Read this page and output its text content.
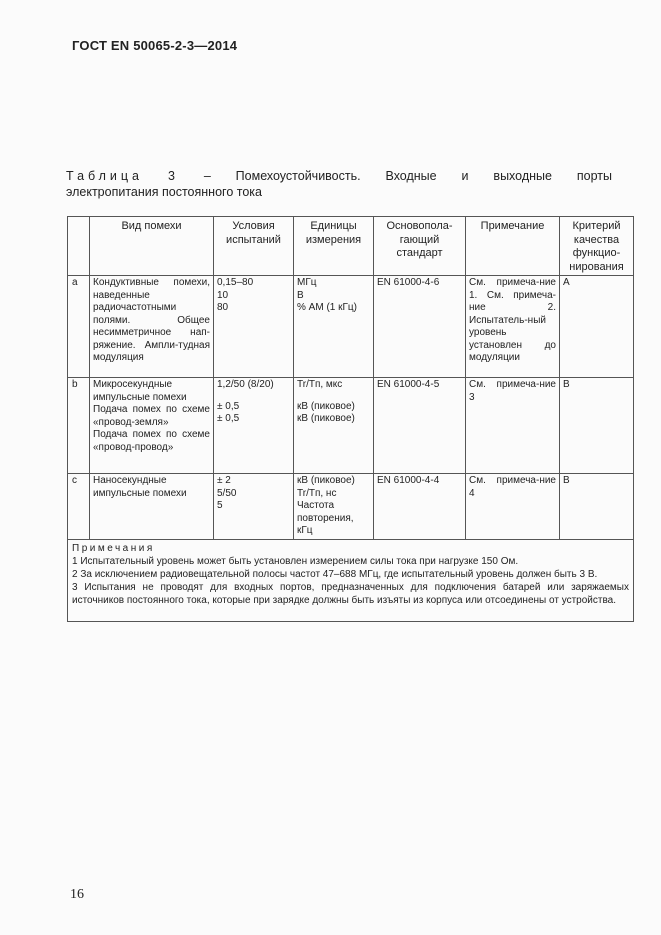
ГОСТ EN 50065-2-3—2014
Таблица 3 – Помехоустойчивость. Входные и выходные порты
электропитания постоянного тока
	Вид помехи	Условия испытаний	Единицы измерения	Основопола-гающий стандарт	Примечание	Критерий качества функцио-нирования
a	Кондуктивные помехи, наведенные радиочастотными полями. Общее несимметричное нап-ряжение. Ампли-тудная модуляция	0,15–80
10
80	МГц
В
% АМ (1 кГц)	EN 61000-4-6	См. примеча-ние 1. См. примеча-ние 2. Испытатель-ный уровень установлен до модуляции	A
b	Микросекундные импульсные помехи
Подача помех по схеме «провод-земля»
Подача помех по схеме «провод-провод»	1,2/50 (8/20)
± 0,5
± 0,5	Tr/Tп, мкс
кВ (пиковое)
кВ (пиковое)	EN 61000-4-5	См. примеча-ние 3	B
c	Наносекундные импульсные помехи	± 2
5/50
5	кВ (пиковое)
Tr/Tп, нс
Частота повторения, кГц	EN 61000-4-4	См. примеча-ние 4	B

Примечания
1 Испытательный уровень может быть установлен измерением силы тока при нагрузке 150 Ом.
2 За исключением радиовещательной полосы частот 47–688 МГц, где испытательный уровень должен быть 3 В.
3 Испытания не проводят для входных портов, предназначенных для подключения батарей или заряжаемых источников постоянного тока, которые при зарядке должны быть изъяты из корпуса или отсоединены от устройства.						
16
